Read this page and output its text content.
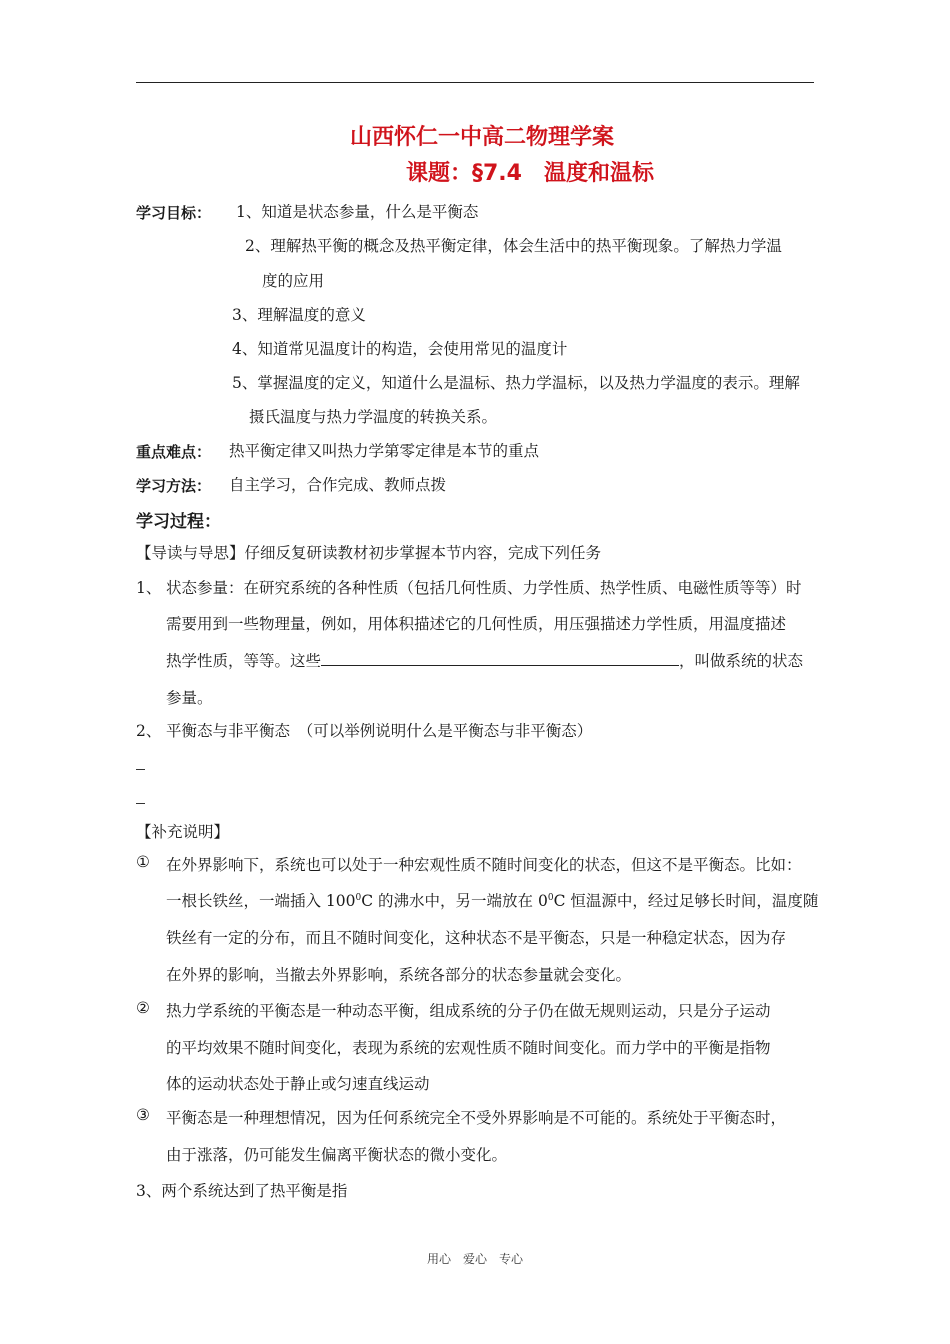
山西怀仁一中高二物理学案
课题：§7.4　温度和温标
学习目标： 1、知道是状态参量，什么是平衡态
2、理解热平衡的概念及热平衡定律，体会生活中的热平衡现象。了解热力学温
度的应用
3、理解温度的意义
4、知道常见温度计的构造，会使用常见的温度计
5、掌握温度的定义，知道什么是温标、热力学温标，以及热力学温度的表示。理解
摄氏温度与热力学温度的转换关系。
重点难点： 热平衡定律又叫热力学第零定律是本节的重点
学习方法： 自主学习，合作完成、教师点拨
学习过程：
【导读与导思】仔细反复研读教材初步掌握本节内容，完成下列任务
1、 状态参量：在研究系统的各种性质（包括几何性质、力学性质、热学性质、电磁性质等等）时
需要用到一些物理量，例如，用体积描述它的几何性质，用压强描述力学性质，用温度描述
热学性质，等等。这些	，叫做系统的状态
参量。
2、 平衡态与非平衡态　（可以举例说明什么是平衡态与非平衡态）
【补充说明】
① 在外界影响下，系统也可以处于一种宏观性质不随时间变化的状态，但这不是平衡态。比如：
一根长铁丝，一端插入 $100^0C$ 的沸水中，另一端放在 $0^0C$ 恒温源中，经过足够长时间，温度随
铁丝有一定的分布，而且不随时间变化，这种状态不是平衡态，只是一种稳定状态，因为存
在外界的影响，当撤去外界影响，系统各部分的状态参量就会变化。
② 热力学系统的平衡态是一种动态平衡，组成系统的分子仍在做无规则运动，只是分子运动
的平均效果不随时间变化，表现为系统的宏观性质不随时间变化。而力学中的平衡是指物
体的运动状态处于静止或匀速直线运动
③ 平衡态是一种理想情况，因为任何系统完全不受外界影响是不可能的。系统处于平衡态时，
由于涨落，仍可能发生偏离平衡状态的微小变化。
3、两个系统达到了热平衡是指
用心　爱心　专心
